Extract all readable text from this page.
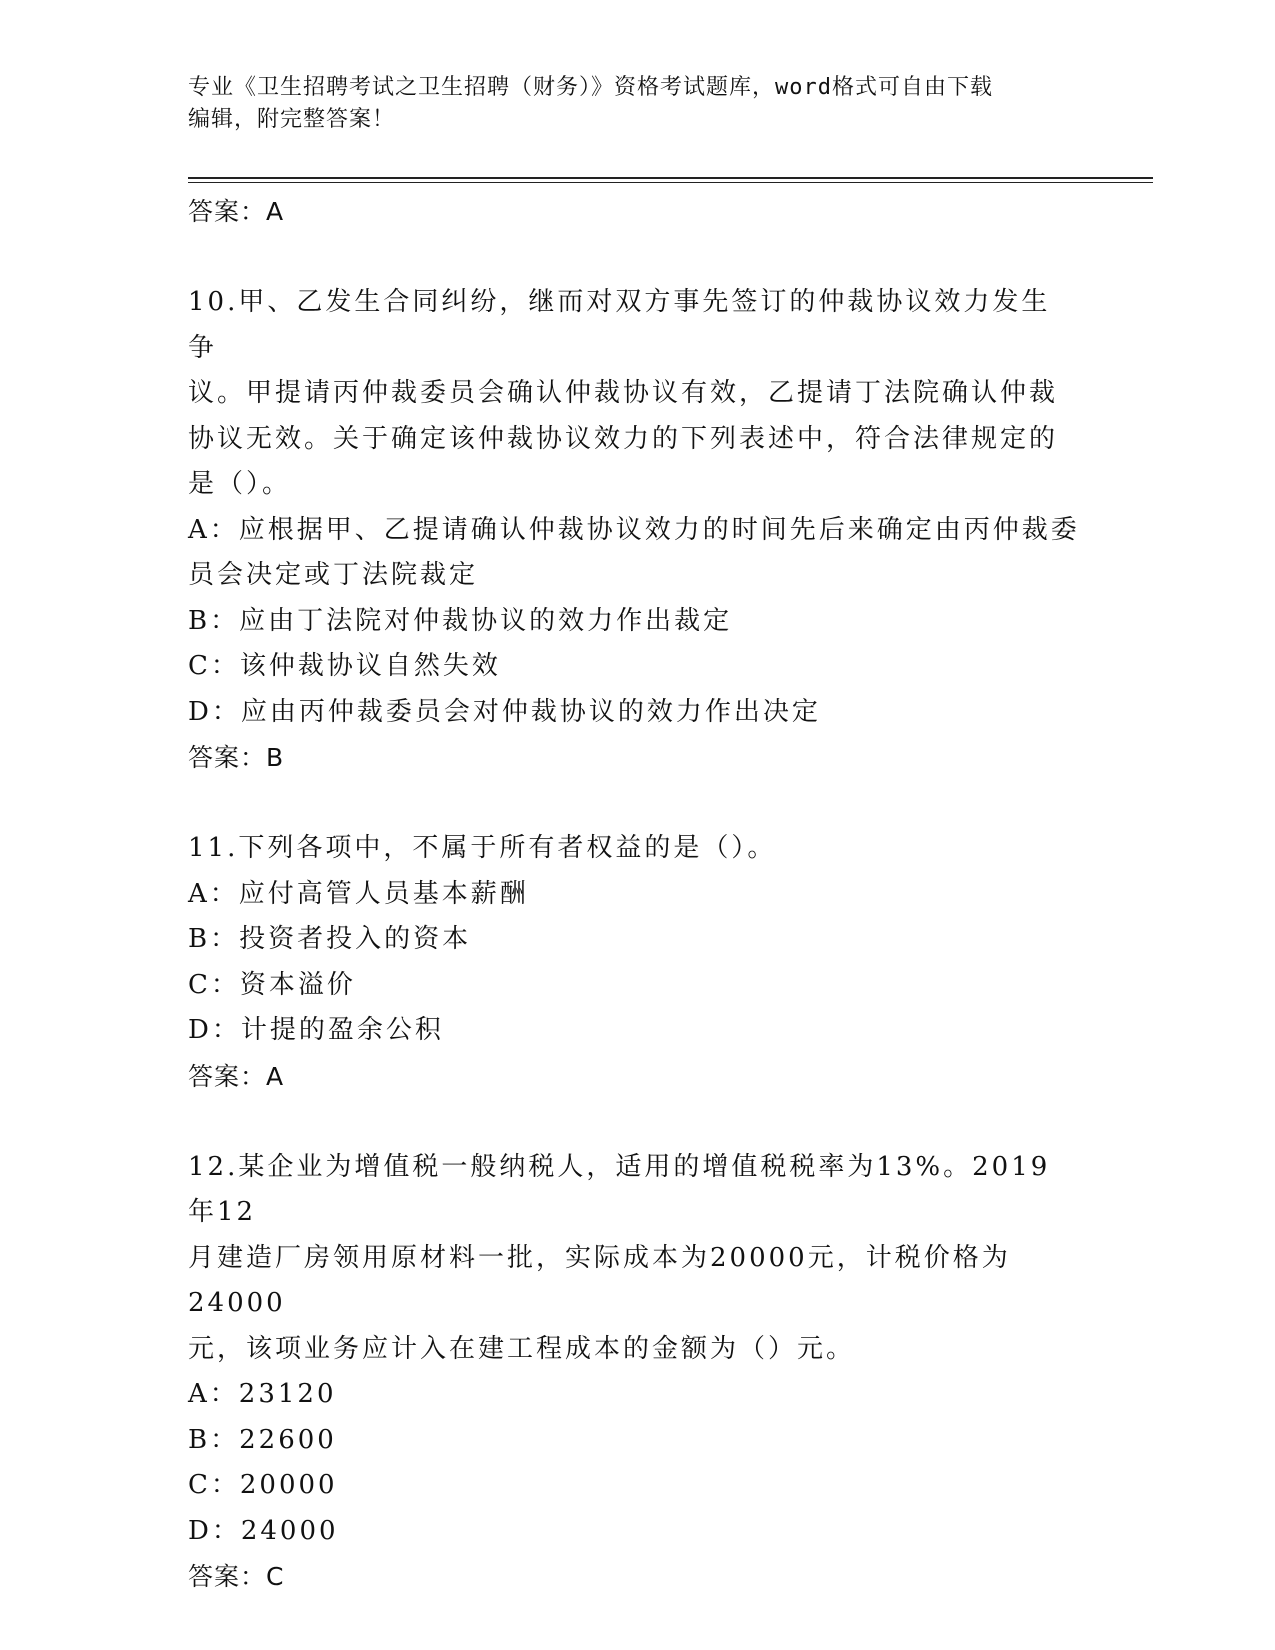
专业《卫生招聘考试之卫生招聘（财务）》资格考试题库，word格式可自由下载
编辑，附完整答案！

答案：A

10.甲、乙发生合同纠纷，继而对双方事先签订的仲裁协议效力发生争

议。甲提请丙仲裁委员会确认仲裁协议有效，乙提请丁法院确认仲裁

协议无效。关于确定该仲裁协议效力的下列表述中，符合法律规定的

是（）。

A：应根据甲、乙提请确认仲裁协议效力的时间先后来确定由丙仲裁委

员会决定或丁法院裁定

B：应由丁法院对仲裁协议的效力作出裁定

C：该仲裁协议自然失效

D：应由丙仲裁委员会对仲裁协议的效力作出决定

答案：B

11.下列各项中，不属于所有者权益的是（）。

A：应付高管人员基本薪酬

B：投资者投入的资本

C：资本溢价

D：计提的盈余公积

答案：A

12.某企业为增值税一般纳税人，适用的增值税税率为13%。2019年12

月建造厂房领用原材料一批，实际成本为20000元，计税价格为24000

元，该项业务应计入在建工程成本的金额为（）元。

A：23120

B：22600

C：20000

D：24000

答案：C
